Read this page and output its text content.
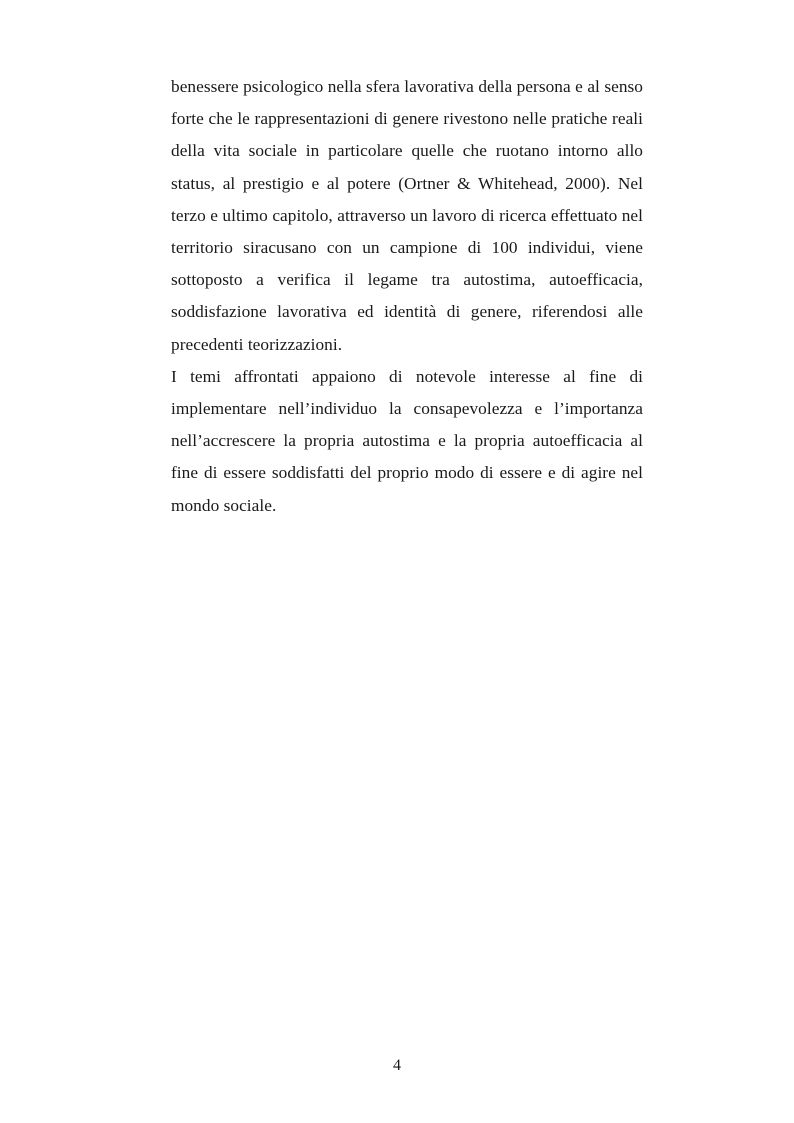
benessere psicologico nella sfera lavorativa della persona e al senso forte che le rappresentazioni di genere rivestono nelle pratiche reali della vita sociale in particolare quelle che ruotano intorno allo status, al prestigio e al potere (Ortner & Whitehead, 2000). Nel terzo e ultimo capitolo, attraverso un lavoro di ricerca effettuato nel territorio siracusano con un campione di 100 individui, viene sottoposto a verifica il legame tra autostima, autoefficacia, soddisfazione lavorativa ed identità di genere, riferendosi alle precedenti teorizzazioni.

I temi affrontati appaiono di notevole interesse al fine di implementare nell’individuo la consapevolezza e l’importanza nell’accrescere la propria autostima e la propria autoefficacia al fine di essere soddisfatti del proprio modo di essere e di agire nel mondo sociale.

4
